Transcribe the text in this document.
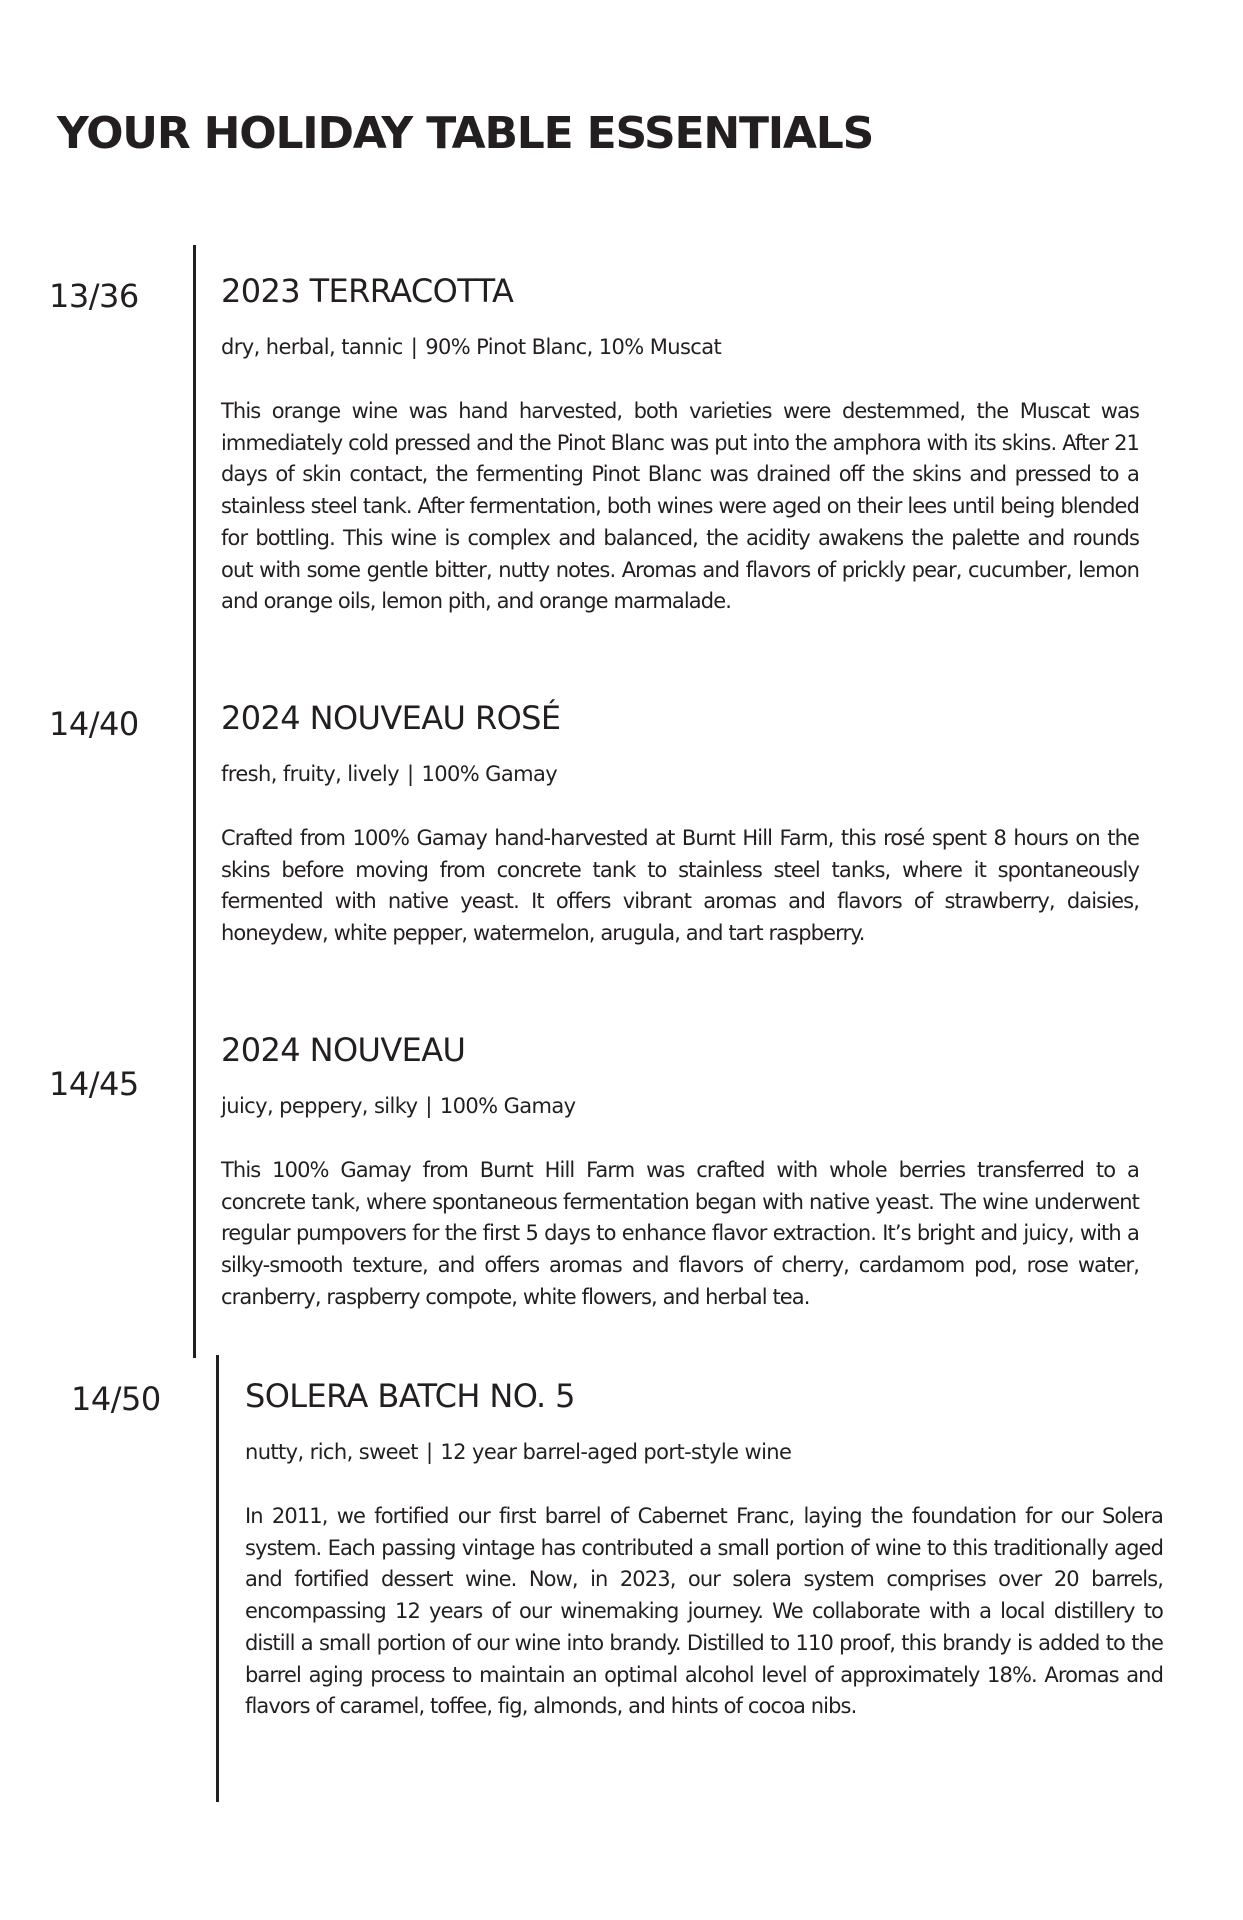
YOUR HOLIDAY TABLE ESSENTIALS
13/36	2023 TERRACOTTA

dry, herbal, tannic | 90% Pinot Blanc, 10% Muscat

This orange wine was hand harvested, both varieties were destemmed, the Muscat was immediately cold pressed and the Pinot Blanc was put into the amphora with its skins. After 21 days of skin contact, the fermenting Pinot Blanc was drained off the skins and pressed to a stainless steel tank. After fermentation, both wines were aged on their lees until being blended for bottling. This wine is complex and balanced, the acidity awakens the palette and rounds out with some gentle bitter, nutty notes. Aromas and flavors of prickly pear, cucumber, lemon and orange oils, lemon pith, and orange marmalade.

14/40	2024 NOUVEAU ROSÉ

fresh, fruity, lively | 100% Gamay

Crafted from 100% Gamay hand-harvested at Burnt Hill Farm, this rosé spent 8 hours on the skins before moving from concrete tank to stainless steel tanks, where it spontaneously fermented with native yeast. It offers vibrant aromas and flavors of strawberry, daisies, honeydew, white pepper, watermelon, arugula, and tart raspberry.

14/45
2024 NOUVEAU

juicy, peppery, silky | 100% Gamay

This 100% Gamay from Burnt Hill Farm was crafted with whole berries transferred to a concrete tank, where spontaneous fermentation began with native yeast. The wine underwent regular pumpovers for the first 5 days to enhance flavor extraction. It’s bright and juicy, with a silky-smooth texture, and offers aromas and flavors of cherry, cardamom pod, rose water, cranberry, raspberry compote, white flowers, and herbal tea.

14/50	SOLERA BATCH NO. 5

nutty, rich, sweet | 12 year barrel-aged port-style wine

In 2011, we fortified our first barrel of Cabernet Franc, laying the foundation for our Solera system. Each passing vintage has contributed a small portion of wine to this traditionally aged and fortified dessert wine. Now, in 2023, our solera system comprises over 20 barrels, encompassing 12 years of our winemaking journey. We collaborate with a local distillery to distill a small portion of our wine into brandy. Distilled to 110 proof, this brandy is added to the barrel aging process to maintain an optimal alcohol level of approximately 18%. Aromas and flavors of caramel, toffee, fig, almonds, and hints of cocoa nibs.
